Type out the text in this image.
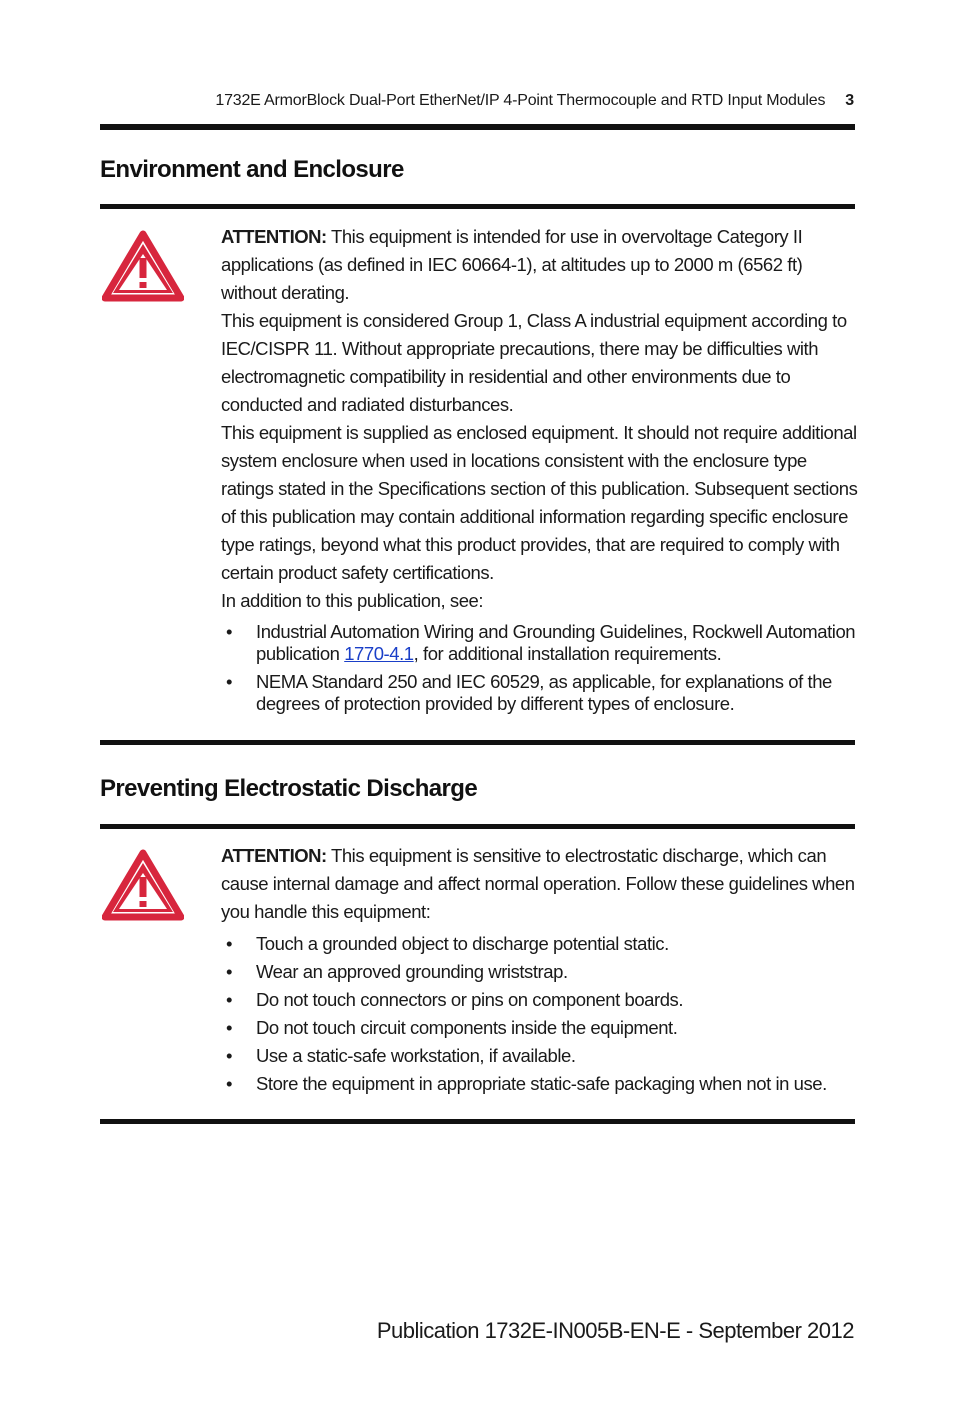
1732E ArmorBlock Dual-Port EtherNet/IP 4-Point Thermocouple and RTD Input Modules 3
Environment and Enclosure

ATTENTION: This equipment is intended for use in overvoltage Category II applications (as defined in IEC 60664-1), at altitudes up to 2000 m (6562 ft) without derating.

This equipment is considered Group 1, Class A industrial equipment according to IEC/CISPR 11. Without appropriate precautions, there may be difficulties with electromagnetic compatibility in residential and other environments due to conducted and radiated disturbances.

This equipment is supplied as enclosed equipment. It should not require additional system enclosure when used in locations consistent with the enclosure type ratings stated in the Specifications section of this publication. Subsequent sections of this publication may contain additional information regarding specific enclosure type ratings, beyond what this product provides, that are required to comply with certain product safety certifications.

In addition to this publication, see:

• Industrial Automation Wiring and Grounding Guidelines, Rockwell Automation publication 1770-4.1, for additional installation requirements.
• NEMA Standard 250 and IEC 60529, as applicable, for explanations of the degrees of protection provided by different types of enclosure.
Preventing Electrostatic Discharge

ATTENTION: This equipment is sensitive to electrostatic discharge, which can cause internal damage and affect normal operation. Follow these guidelines when you handle this equipment:

• Touch a grounded object to discharge potential static.
• Wear an approved grounding wriststrap.
• Do not touch connectors or pins on component boards.
• Do not touch circuit components inside the equipment.
• Use a static-safe workstation, if available.
• Store the equipment in appropriate static-safe packaging when not in use.
Publication 1732E-IN005B-EN-E - September 2012
